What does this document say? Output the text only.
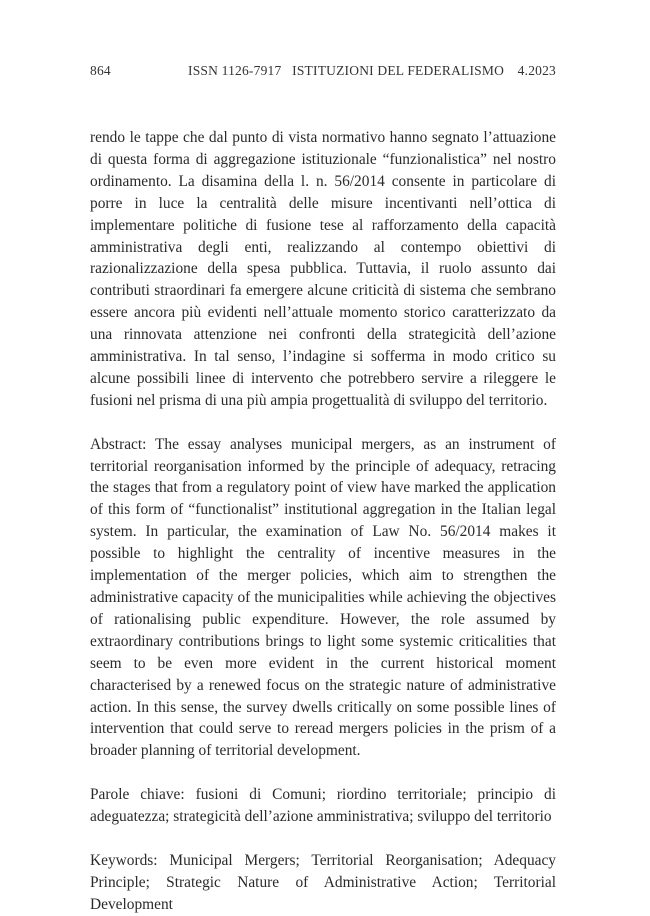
864	ISSN 1126-7917   ISTITUZIONI DEL FEDERALISMO 4.2023

rendo le tappe che dal punto di vista normativo hanno segnato l’attuazione di questa forma di aggregazione istituzionale “funzionalistica” nel nostro ordinamento. La disamina della l. n. 56/2014 consente in particolare di porre in luce la centralità delle misure incentivanti nell’ottica di implementare politiche di fusione tese al rafforzamento della capacità amministrativa degli enti, realizzando al contempo obiettivi di razionalizzazione della spesa pubblica. Tuttavia, il ruolo assunto dai contributi straordinari fa emergere alcune criticità di sistema che sembrano essere ancora più evidenti nell’attuale momento storico caratterizzato da una rinnovata attenzione nei confronti della strategicità dell’azione amministrativa. In tal senso, l’indagine si sofferma in modo critico su alcune possibili linee di intervento che potrebbero servire a rileggere le fusioni nel prisma di una più ampia progettualità di sviluppo del territorio.

Abstract: The essay analyses municipal mergers, as an instrument of territorial reorganisation informed by the principle of adequacy, retracing the stages that from a regulatory point of view have marked the application of this form of “functionalist” institutional aggregation in the Italian legal system. In particular, the examination of Law No. 56/2014 makes it possible to highlight the centrality of incentive measures in the implementation of the merger policies, which aim to strengthen the administrative capacity of the municipalities while achieving the objectives of rationalising public expenditure. However, the role assumed by extraordinary contributions brings to light some systemic criticalities that seem to be even more evident in the current historical moment characterised by a renewed focus on the strategic nature of administrative action. In this sense, the survey dwells critically on some possible lines of intervention that could serve to reread mergers policies in the prism of a broader planning of territorial development.

Parole chiave: fusioni di Comuni; riordino territoriale; principio di adeguatezza; strategicità dell’azione amministrativa; sviluppo del territorio

Keywords: Municipal Mergers; Territorial Reorganisation; Adequacy Principle; Strategic Nature of Administrative Action; Territorial Development
